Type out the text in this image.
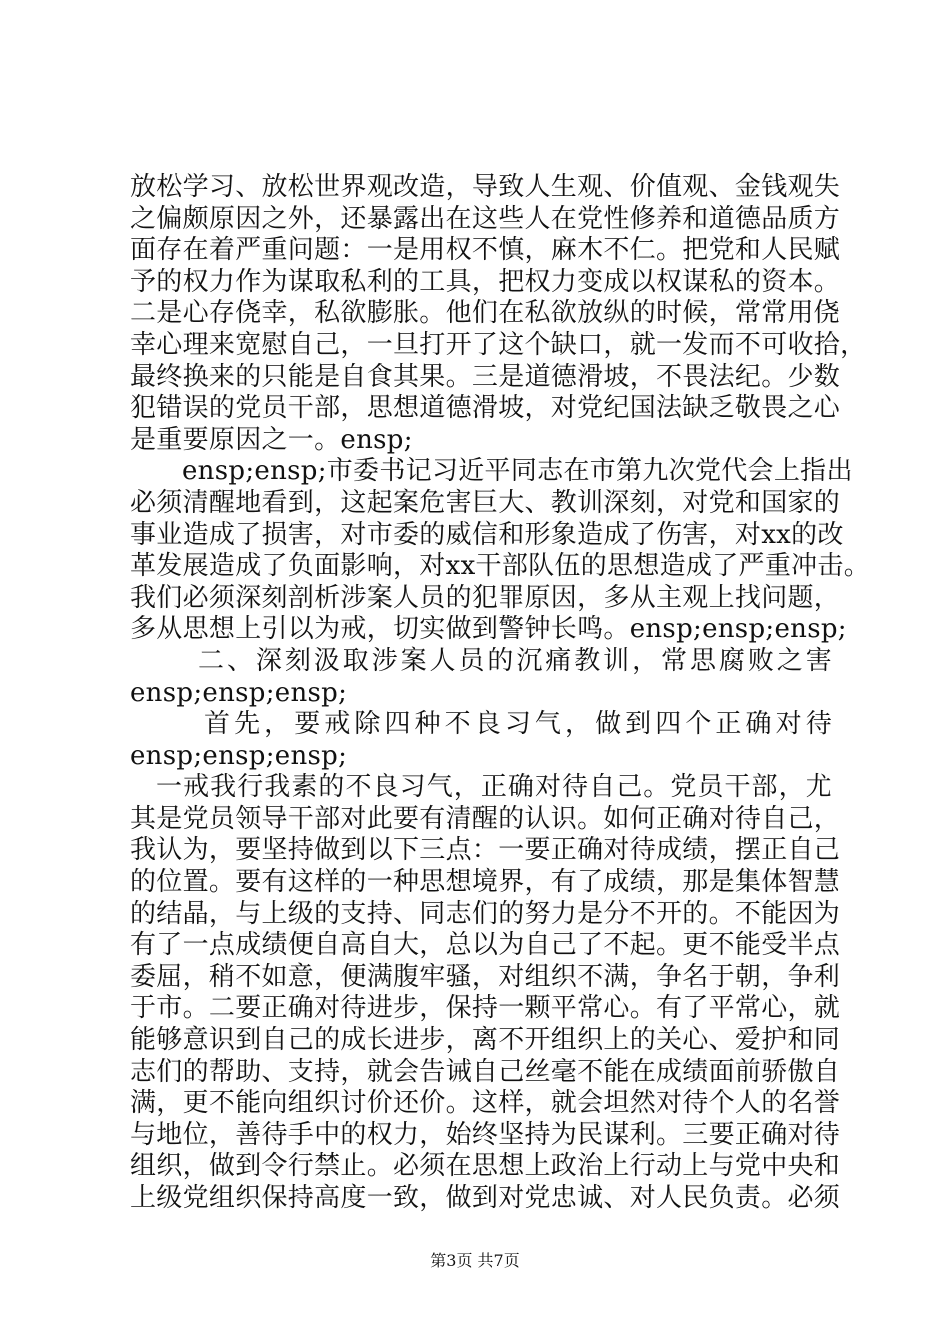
放松学习、放松世界观改造，导致人生观、价值观、金钱观失
之偏颇原因之外，还暴露出在这些人在党性修养和道德品质方
面存在着严重问题：一是用权不慎，麻木不仁。把党和人民赋
予的权力作为谋取私利的工具，把权力变成以权谋私的资本。
二是心存侥幸，私欲膨胀。他们在私欲放纵的时候，常常用侥
幸心理来宽慰自己，一旦打开了这个缺口，就一发而不可收拾，
最终换来的只能是自食其果。三是道德滑坡，不畏法纪。少数
犯错误的党员干部，思想道德滑坡，对党纪国法缺乏敬畏之心
是重要原因之一。ensp;
ensp;ensp;市委书记习近平同志在市第九次党代会上指出
必须清醒地看到，这起案危害巨大、教训深刻，对党和国家的
事业造成了损害，对市委的威信和形象造成了伤害，对xx的改
革发展造成了负面影响，对xx干部队伍的思想造成了严重冲击。
我们必须深刻剖析涉案人员的犯罪原因，多从主观上找问题，
多从思想上引以为戒，切实做到警钟长鸣。ensp;ensp;ensp;
二、深刻汲取涉案人员的沉痛教训，常思腐败之害
ensp;ensp;ensp;
首先，要戒除四种不良习气，做到四个正确对待
ensp;ensp;ensp;
一戒我行我素的不良习气，正确对待自己。党员干部，尤
其是党员领导干部对此要有清醒的认识。如何正确对待自己，
我认为，要坚持做到以下三点：一要正确对待成绩，摆正自己
的位置。要有这样的一种思想境界，有了成绩，那是集体智慧
的结晶，与上级的支持、同志们的努力是分不开的。不能因为
有了一点成绩便自高自大，总以为自己了不起。更不能受半点
委屈，稍不如意，便满腹牢骚，对组织不满，争名于朝，争利
于市。二要正确对待进步，保持一颗平常心。有了平常心，就
能够意识到自己的成长进步，离不开组织上的关心、爱护和同
志们的帮助、支持，就会告诫自己丝毫不能在成绩面前骄傲自
满，更不能向组织讨价还价。这样，就会坦然对待个人的名誉
与地位，善待手中的权力，始终坚持为民谋利。三要正确对待
组织，做到令行禁止。必须在思想上政治上行动上与党中央和
上级党组织保持高度一致，做到对党忠诚、对人民负责。必须
第3页 共7页
